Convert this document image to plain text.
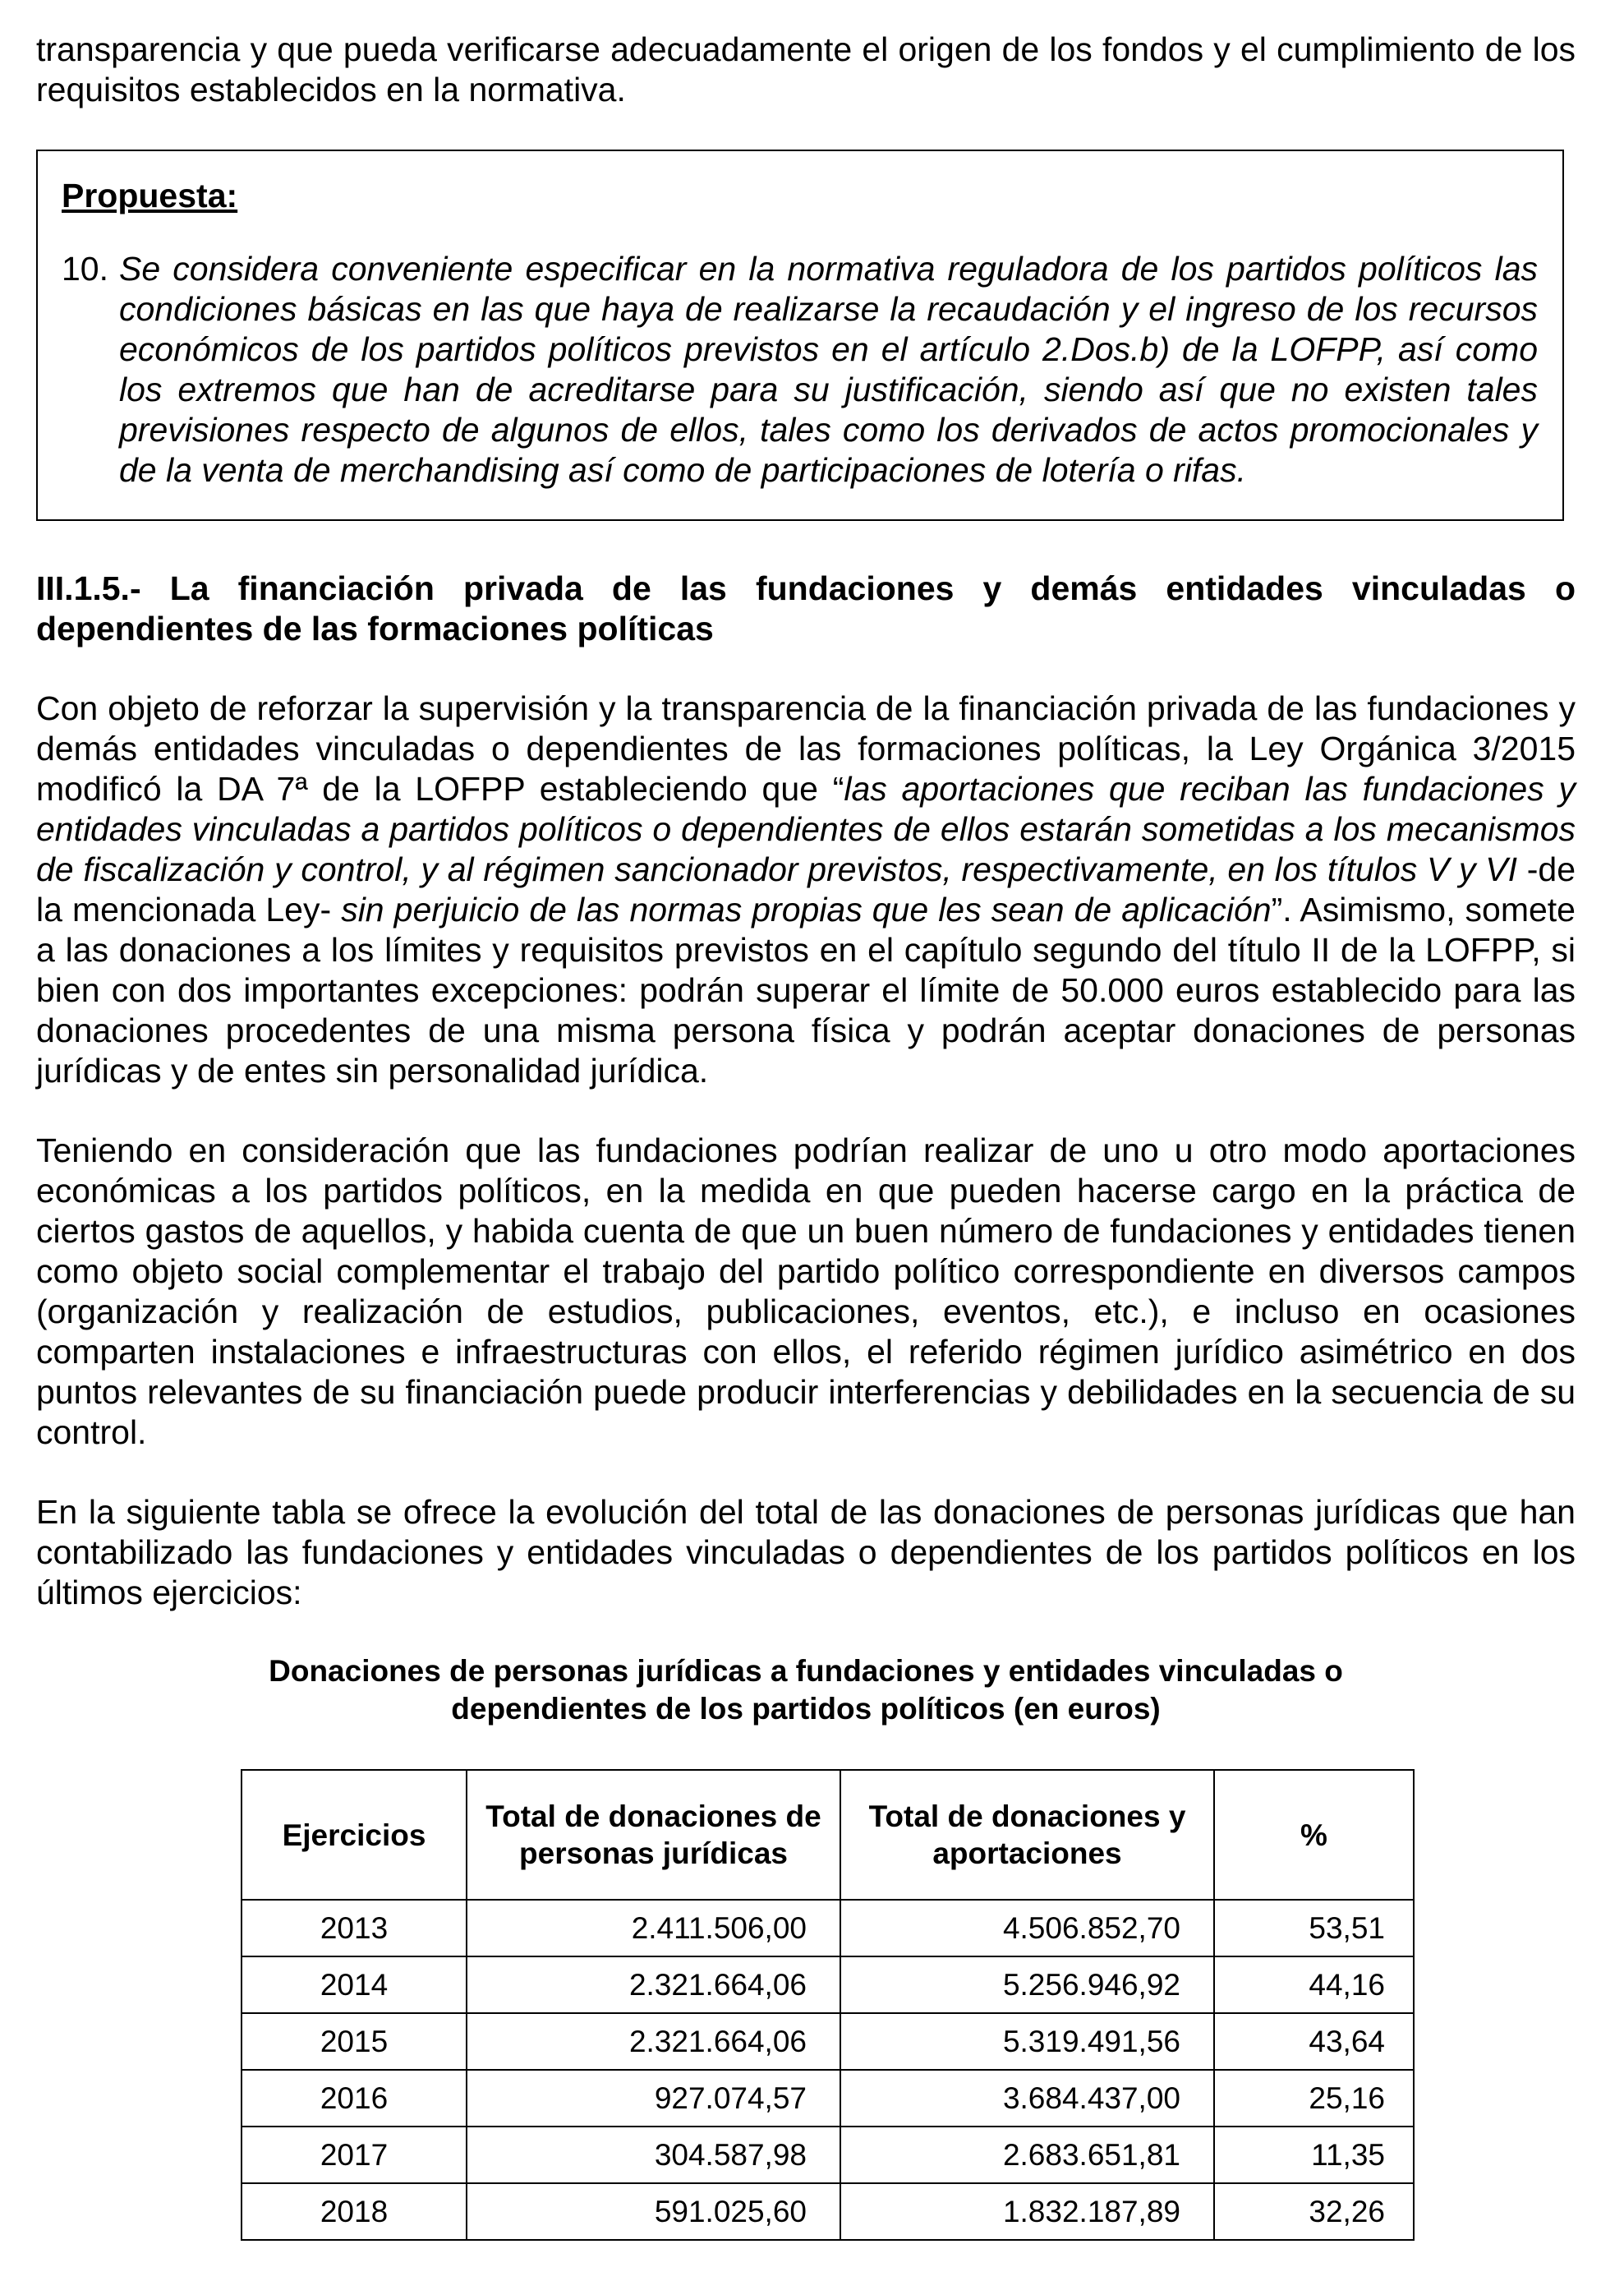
transparencia y que pueda verificarse adecuadamente el origen de los fondos y el cumplimiento de los requisitos establecidos en la normativa.

Propuesta:
10. Se considera conveniente especificar en la normativa reguladora de los partidos políticos las condiciones básicas en las que haya de realizarse la recaudación y el ingreso de los recursos económicos de los partidos políticos previstos en el artículo 2.Dos.b) de la LOFPP, así como los extremos que han de acreditarse para su justificación, siendo así que no existen tales previsiones respecto de algunos de ellos, tales como los derivados de actos promocionales y de la venta de merchandising así como de participaciones de lotería o rifas.
III.1.5.- La financiación privada de las fundaciones y demás entidades vinculadas o dependientes de las formaciones políticas

Con objeto de reforzar la supervisión y la transparencia de la financiación privada de las fundaciones y demás entidades vinculadas o dependientes de las formaciones políticas, la Ley Orgánica 3/2015 modificó la DA 7ª de la LOFPP estableciendo que “las aportaciones que reciban las fundaciones y entidades vinculadas a partidos políticos o dependientes de ellos estarán sometidas a los mecanismos de fiscalización y control, y al régimen sancionador previstos, respectivamente, en los títulos V y VI -de la mencionada Ley- sin perjuicio de las normas propias que les sean de aplicación”. Asimismo, somete a las donaciones a los límites y requisitos previstos en el capítulo segundo del título II de la LOFPP, si bien con dos importantes excepciones: podrán superar el límite de 50.000 euros establecido para las donaciones procedentes de una misma persona física y podrán aceptar donaciones de personas jurídicas y de entes sin personalidad jurídica.

Teniendo en consideración que las fundaciones podrían realizar de uno u otro modo aportaciones económicas a los partidos políticos, en la medida en que pueden hacerse cargo en la práctica de ciertos gastos de aquellos, y habida cuenta de que un buen número de fundaciones y entidades tienen como objeto social complementar el trabajo del partido político correspondiente en diversos campos (organización y realización de estudios, publicaciones, eventos, etc.), e incluso en ocasiones comparten instalaciones e infraestructuras con ellos, el referido régimen jurídico asimétrico en dos puntos relevantes de su financiación puede producir interferencias y debilidades en la secuencia de su control.

En la siguiente tabla se ofrece la evolución del total de las donaciones de personas jurídicas que han contabilizado las fundaciones y entidades vinculadas o dependientes de los partidos políticos en los últimos ejercicios:

Donaciones de personas jurídicas a fundaciones y entidades vinculadas o
dependientes de los partidos políticos (en euros)
Ejercicios	Total de donaciones de personas jurídicas	Total de donaciones y aportaciones	%
2013	2.411.506,00	4.506.852,70	53,51
2014	2.321.664,06	5.256.946,92	44,16
2015	2.321.664,06	5.319.491,56	43,64
2016	927.074,57	3.684.437,00	25,16
2017	304.587,98	2.683.651,81	11,35
2018	591.025,60	1.832.187,89	32,26
